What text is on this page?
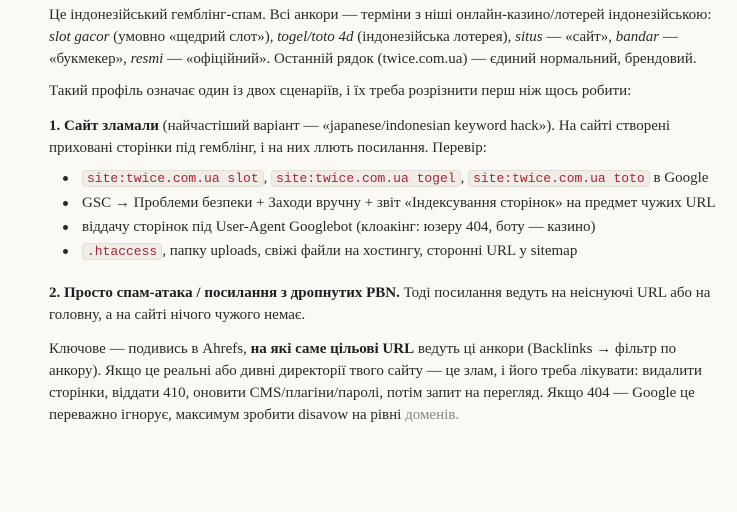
Це індонезійський гемблінг-спам. Всі анкори — терміни з ніші онлайн-казино/лотерей індонезійською: slot gacor (умовно «щедрий слот»), togel/toto 4d (індонезійська лотерея), situs — «сайт», bandar — «букмекер», resmi — «офіційний». Останній рядок (twice.com.ua) — єдиний нормальний, брендовий.

Такий профіль означає один із двох сценаріїв, і їх треба розрізнити перш ніж щось робити:

1. Сайт зламали (найчастіший варіант — «japanese/indonesian keyword hack»). На сайті створені приховані сторінки під гемблінг, і на них ллють посилання. Перевір:

site:twice.com.ua slot , site:twice.com.ua togel , site:twice.com.ua toto в Google
GSC → Проблеми безпеки + Заходи вручну + звіт «Індексування сторінок» на предмет чужих URL
віддачу сторінок під User-Agent Googlebot (клоакінг: юзеру 404, боту — казино)
.htaccess , папку uploads, свіжі файли на хостингу, сторонні URL у sitemap

2. Просто спам-атака / посилання з дропнутих PBN. Тоді посилання ведуть на неіснуючі URL або на головну, а на сайті нічого чужого немає.

Ключове — подивись в Ahrefs, на які саме цільові URL ведуть ці анкори (Backlinks → фільтр по анкору). Якщо це реальні або дивні директорії твого сайту — це злам, і його треба лікувати: видалити сторінки, віддати 410, оновити CMS/плагіни/паролі, потім запит на перегляд. Якщо 404 — Google це переважно ігнорує, максимум зробити disavow на рівні доменів.
